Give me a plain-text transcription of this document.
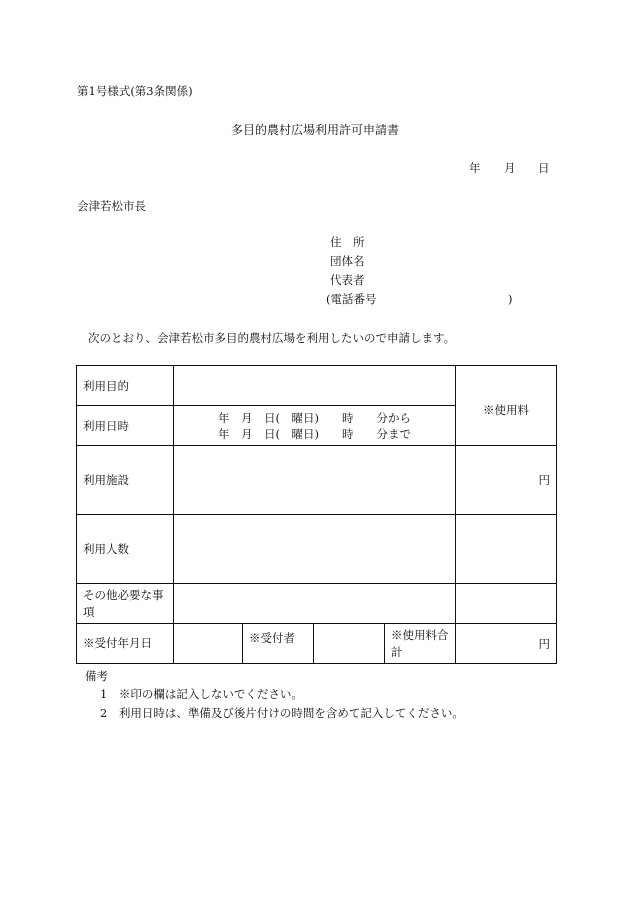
第1号様式(第3条関係)
多目的農村広場利用許可申請書
年 月 日
会津若松市長
住　所
団体名
代表者
(電話番号	)
次のとおり、会津若松市多目的農村広場を利用したいので申請します。
利用目的					※使用料
利用日時	年　月　日(　曜日)　　時　　分から
年　月　日(　曜日)　　時　　分まで				

利用施設					円
利用人数					
その他必要な事項					
※受付年月日		※受付者		※使用料合計	円
備考
1　※印の欄は記入しないでください。
2　利用日時は、準備及び後片付けの時間を含めて記入してください。
